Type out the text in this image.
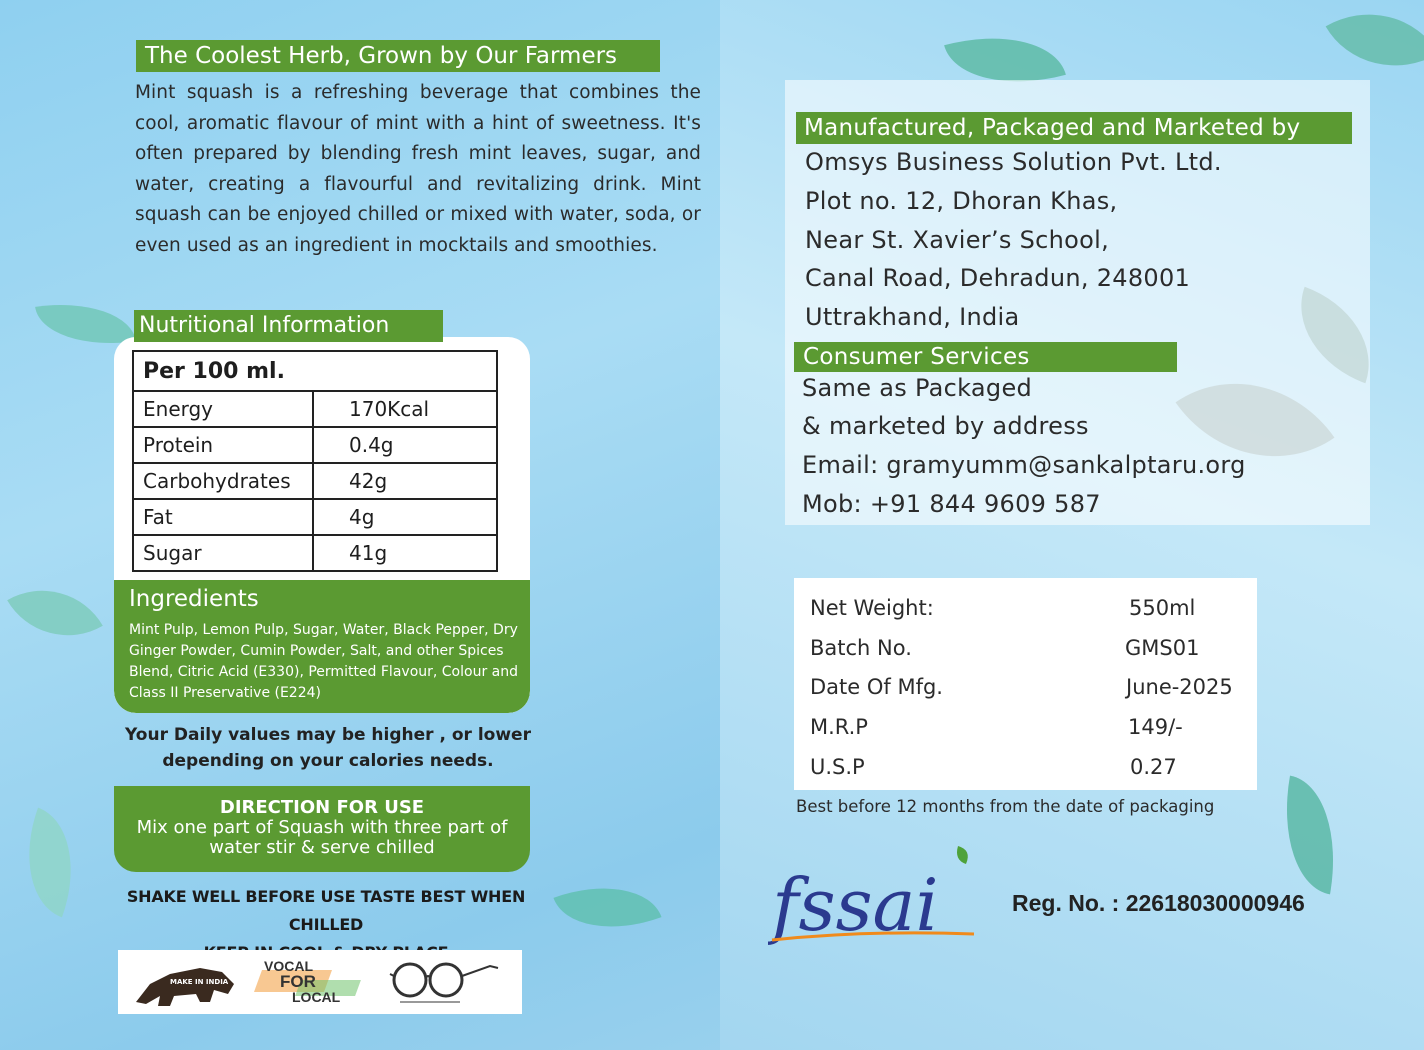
The Coolest Herb, Grown by Our Farmers
Mint squash is a refreshing beverage that combines the cool, aromatic flavour of mint with a hint of sweetness. It's often prepared by blending fresh mint leaves, sugar, and water, creating a flavourful and revitalizing drink. Mint squash can be enjoyed chilled or mixed with water, soda, or even used as an ingredient in mocktails and smoothies.
Per 100 ml.	
Energy	170Kcal
Protein	0.4g
Carbohydrates	42g
Fat	4g
Sugar	41g
Ingredients
Mint Pulp, Lemon Pulp, Sugar, Water, Black Pepper, Dry Ginger Powder, Cumin Powder, Salt, and other Spices Blend, Citric Acid (E330), Permitted Flavour, Colour and Class II Preservative (E224)
Nutritional Information
Your Daily values may be higher , or lower
depending on your calories needs.
DIRECTION FOR USE
Mix one part of Squash with three part of
water stir & serve chilled
SHAKE WELL BEFORE USE TASTE BEST WHEN CHILLED
MAKE IN INDIA
VOCAL
FOR
LOCAL
Manufactured, Packaged and Marketed by
Omsys Business Solution Pvt. Ltd.
Plot no. 12, Dhoran Khas,
Near St. Xavier’s School,
Canal Road, Dehradun, 248001
Uttrakhand, India
Consumer Services
Same as Packaged
& marketed by address
Email: gramyumm@sankalptaru.org
Mob: +91 844 9609 587
Net Weight:	550ml
Batch No.	GMS01
Date Of Mfg.	June-2025
M.R.P	149/-
U.S.P	0.27
Best before 12 months from the date of packaging
fssai	Reg. No. : 22618030000946
